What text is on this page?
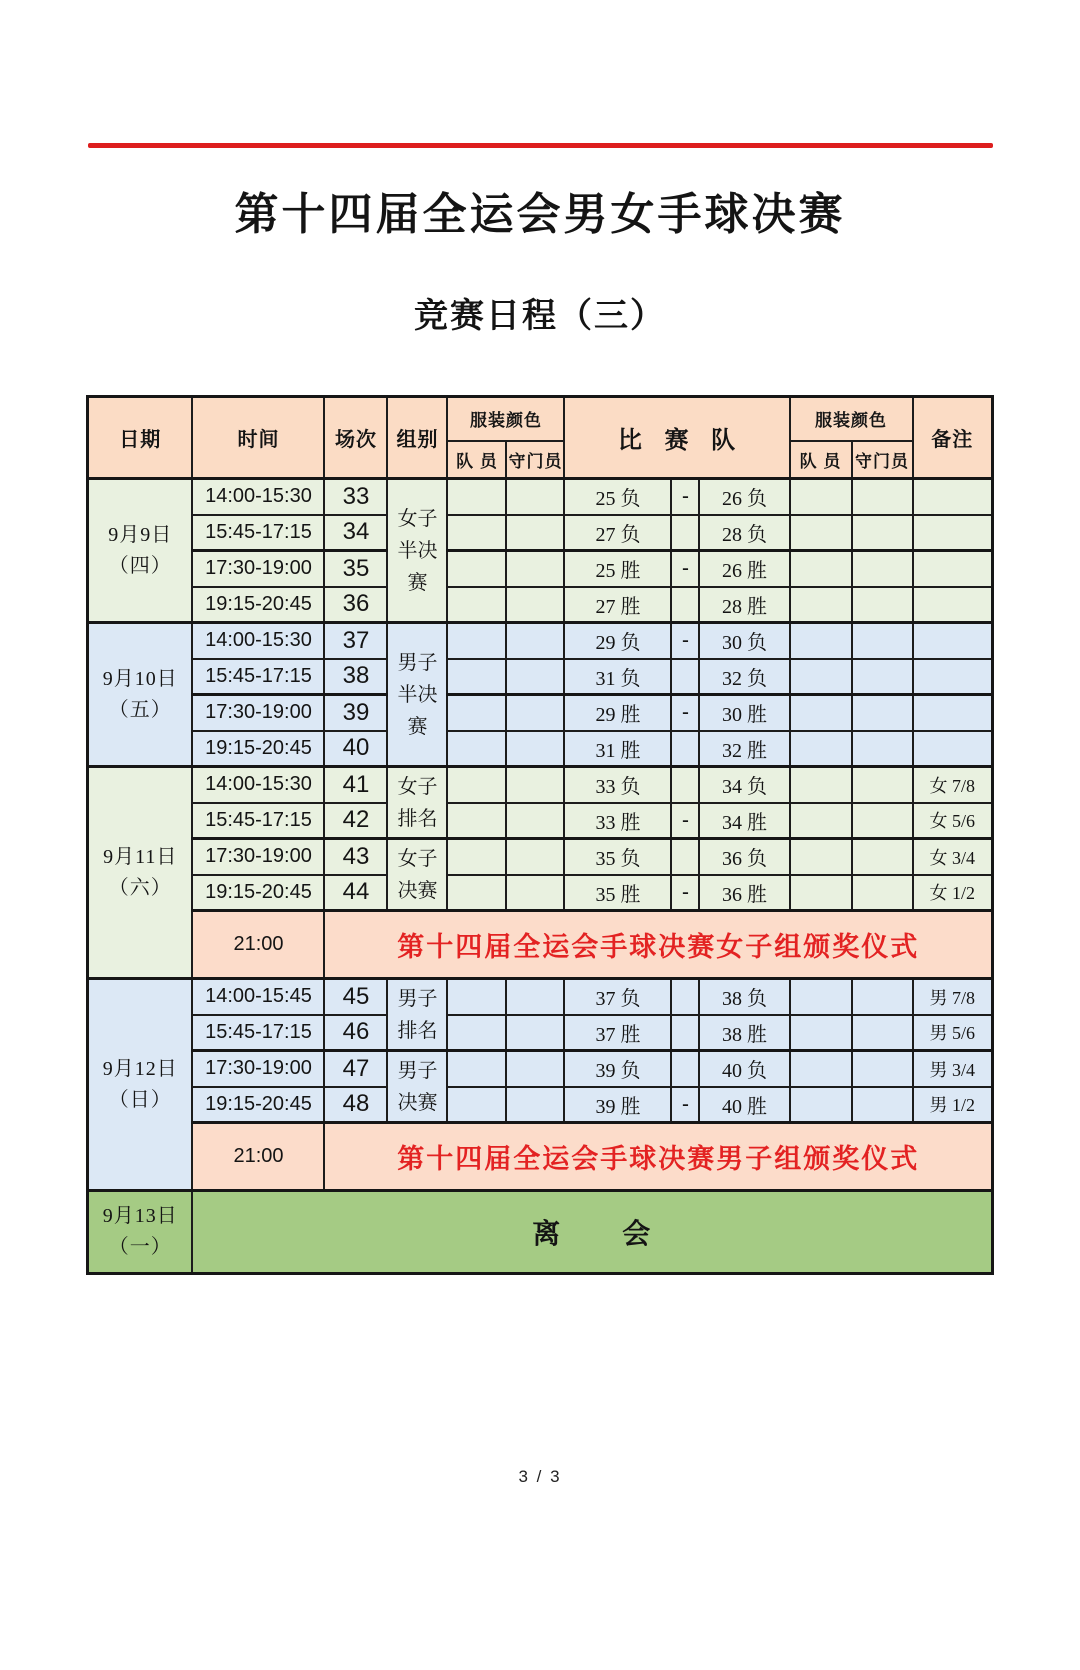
第十四届全运会男女手球决赛
竞赛日程（三）
日期	时间	场次	组别	服装颜色		比 赛 队			服装颜色		备注
				队 员	守门员				队 员	守门员	

9月9日
（四）	14:00-15:30	33	女子半决赛			25 负	-	26 负			
	15:45-17:15	34				27 负		28 负			
	17:30-19:00	35				25 胜	-	26 胜			
	19:15-20:45	36				27 胜		28 胜			

9月10日
（五）	14:00-15:30	37	男子半决赛			29 负	-	30 负			
	15:45-17:15	38				31 负		32 负			
	17:30-19:00	39				29 胜	-	30 胜			
	19:15-20:45	40				31 胜		32 胜			

9月11日
（六）	14:00-15:30	41	女子排名			33 负		34 负			女 7/8
	15:45-17:15	42				33 胜	-	34 胜			女 5/6
	17:30-19:00	43	女子决赛			35 负		36 负			女 3/4
	19:15-20:45	44				35 胜	-	36 胜			女 1/2
	21:00	第十四届全运会手球决赛女子组颁奖仪式									

9月12日
（日）	14:00-15:45	45	男子排名			37 负		38 负			男 7/8
	15:45-17:15	46				37 胜		38 胜			男 5/6
	17:30-19:00	47	男子决赛			39 负		40 负			男 3/4
	19:15-20:45	48				39 胜	-	40 胜			男 1/2
	21:00	第十四届全运会手球决赛男子组颁奖仪式									

9月13日
（一）	离　　会										
3 / 3
